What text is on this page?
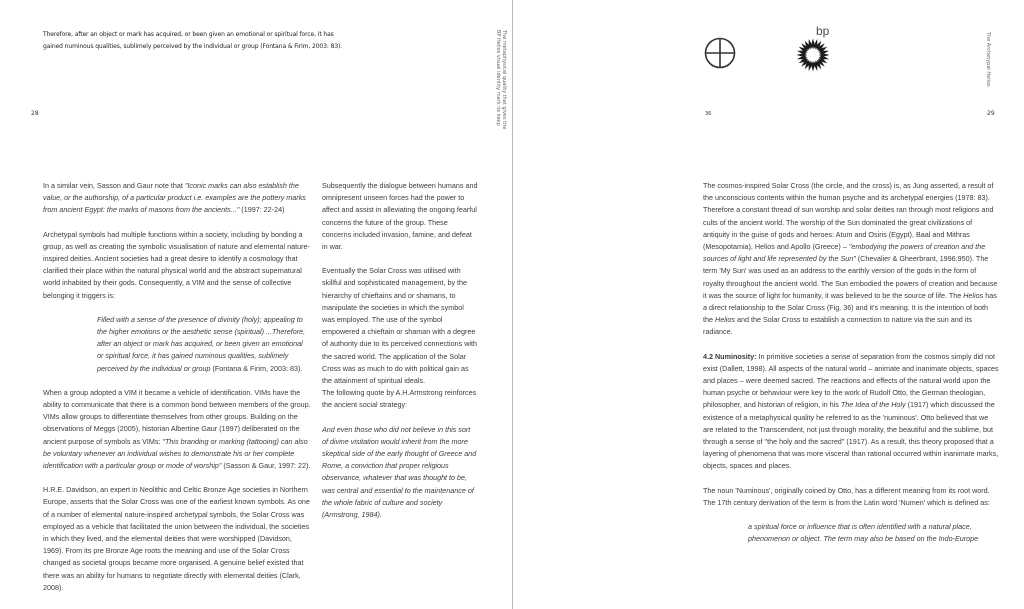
Therefore, after an object or mark has acquired, or been given an emotional or spiritual force, it has gained numinous qualities, sublimely perceived by the individual or group (Fontana & Firim, 2003: 83).
28	The metaphysical quality that gives the BP Helios visual identity mark its keep

In a similar vein, Sasson and Gaur note that "Iconic marks can also establish the value, or the authorship, of a particular product i.e. examples are the pottery marks from ancient Egypt: the marks of masons from the ancients..." (1997: 22-24)

Archetypal symbols had multiple functions within a society, including by bonding a group, as well as creating the symbolic visualisation of nature and elemental nature-inspired deities. Ancient societies had a great desire to identify a cosmology that clarified their place within the natural physical world and the abstract supernatural world inhabited by their gods. Consequently, a VIM and the sense of collective belonging it triggers is:

Filled with a sense of the presence of divinity (holy); appealing to the higher emotions or the aesthetic sense (spiritual) ...Therefore, after an object or mark has acquired, or been given an emotional or spiritual force, it has gained numinous qualities, sublimely perceived by the individual or group (Fontana & Firim, 2003: 83).

When a group adopted a VIM it became a vehicle of identification. VIMs have the ability to communicate that there is a common bond between members of the group. VIMs allow groups to differentiate themselves from other groups. Building on the observations of Meggs (2005), historian Albertine Gaur (1997) deliberated on the ancient purpose of symbols as VIMs: "This branding or marking (tattooing) can also be voluntary whenever an individual wishes to demonstrate his or her complete identification with a particular group or mode of worship" (Sasson & Gaur, 1997: 22).

H.R.E. Davidson, an expert in Neolithic and Celtic Bronze Age societies in Northern Europe, asserts that the Solar Cross was one of the earliest known symbols. As one of a number of elemental nature-inspired archetypal symbols, the Solar Cross was employed as a vehicle that facilitated the union between the individual, the societies in which they lived, and the elemental deities that were worshipped (Davidson, 1969). From its pre Bronze Age roots the meaning and use of the Solar Cross changed as societal groups became more organised. A genuine belief existed that there was an ability for humans to negotiate directly with elemental deities (Clark, 2008).

Subsequently the dialogue between humans and omnipresent unseen forces had the power to affect and assist in alleviating the ongoing fearful concerns the future of the group. These concerns included invasion, famine, and defeat in war.

Eventually the Solar Cross was utilised with skillful and sophisticated management, by the hierarchy of chieftains and or shamans, to manipulate the societies in which the symbol was employed. The use of the symbol empowered a chieftain or shaman with a degree of authority due to its perceived connections with the sacred world. The application of the Solar Cross was as much to do with political gain as the attainment of spiritual ideals.

The following quote by A.H.Armstrong reinforces the ancient social strategy:

And even those who did not believe in this sort of divine visitation would inherit from the more skeptical side of the early thought of Greece and Rome, a conviction that proper religious observance, whatever that was thought to be, was central and essential to the maintenance of the whole fabric of culture and society (Armstrong, 1984).

bp
36
The Archetypal Helios
29

The cosmos-inspired Solar Cross (the circle, and the cross) is, as Jung asserted, a result of the unconscious contents within the human psyche and its archetypal energies (1978: 83). Therefore a constant thread of sun worship and solar deities ran through most religions and cults of the ancient world. The worship of the Sun dominated the great civilizations of antiquity in the guise of gods and heroes: Atum and Osiris (Egypt), Baal and Mithras (Mesopotamia), Helios and Apollo (Greece) – "embodying the powers of creation and the sources of light and life represented by the Sun" (Chevalier & Gheerbrant, 1996:950). The term 'My Sun' was used as an address to the earthly version of the gods in the form of royalty throughout the ancient world. The Sun embodied the powers of creation and because it was the source of light for humanity, it was believed to be the source of life. The Helios has a direct relationship to the Solar Cross (Fig. 36) and it's meaning. It is the intention of both the Helios and the Solar Cross to establish a connection to nature via the sun and its radiance.

4.2 Numinosity: In primitive societies a sense of separation from the cosmos simply did not exist (Dallett, 1998). All aspects of the natural world – animate and inanimate objects, spaces and places – were deemed sacred. The reactions and effects of the natural world upon the human psyche or behaviour were key to the work of Rudolf Otto, the German theologian, philosopher, and historian of religion, in his The Idea of the Holy (1917) which discussed the existence of a metaphysical quality he referred to as the 'numinous'. Otto believed that we are related to the Transcendent, not just through morality, the beautiful and the sublime, but through a sense of "the holy and the sacred" (1917). As a result, this theory proposed that a layering of phenomena that was more visceral than rational occurred within inanimate marks, objects, spaces and places.

The noun 'Numinous', originally coined by Otto, has a different meaning from its root word. The 17th century derivation of the term is from the Latin word 'Numen' which is defined as:

a spiritual force or influence that is often identified with a natural place, phenomenon or object. The term may also be based on the Indo-Europe
